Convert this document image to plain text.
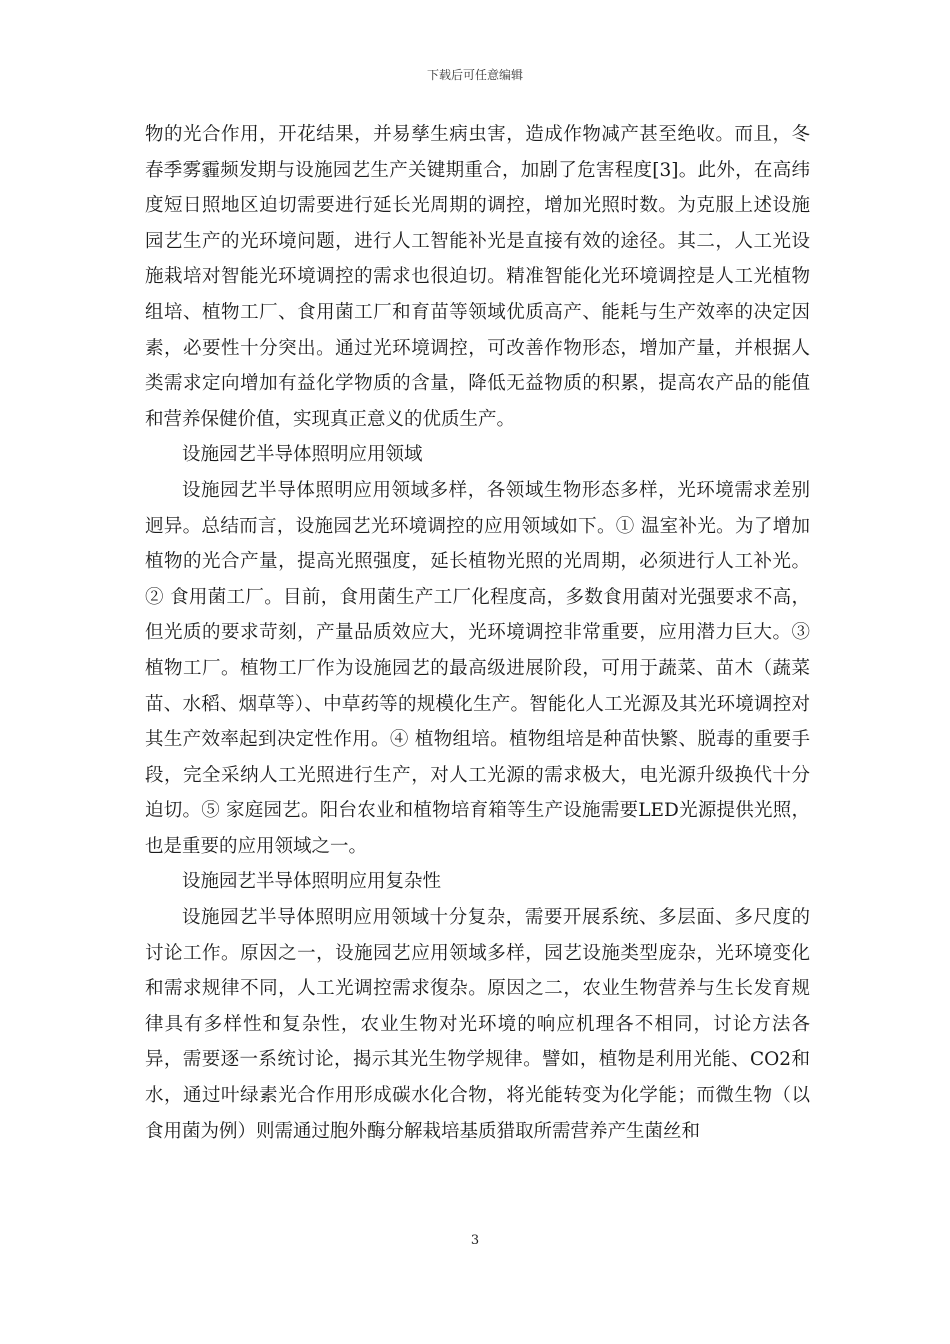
下载后可任意编辑

物的光合作用，开花结果，并易孳生病虫害，造成作物减产甚至绝收。而且，冬春季雾霾频发期与设施园艺生产关键期重合，加剧了危害程度[3]。此外，在高纬度短日照地区迫切需要进行延长光周期的调控，增加光照时数。为克服上述设施园艺生产的光环境问题，进行人工智能补光是直接有效的途径。其二，人工光设施栽培对智能光环境调控的需求也很迫切。精准智能化光环境调控是人工光植物组培、植物工厂、食用菌工厂和育苗等领域优质高产、能耗与生产效率的决定因素，必要性十分突出。通过光环境调控，可改善作物形态，增加产量，并根据人类需求定向增加有益化学物质的含量，降低无益物质的积累，提高农产品的能值和营养保健价值，实现真正意义的优质生产。

设施园艺半导体照明应用领域

设施园艺半导体照明应用领域多样，各领域生物形态多样，光环境需求差别迥异。总结而言，设施园艺光环境调控的应用领域如下。① 温室补光。为了增加植物的光合产量，提高光照强度，延长植物光照的光周期，必须进行人工补光。② 食用菌工厂。目前，食用菌生产工厂化程度高，多数食用菌对光强要求不高，但光质的要求苛刻，产量品质效应大，光环境调控非常重要，应用潜力巨大。③ 植物工厂。植物工厂作为设施园艺的最高级进展阶段，可用于蔬菜、苗木（蔬菜苗、水稻、烟草等）、中草药等的规模化生产。智能化人工光源及其光环境调控对其生产效率起到决定性作用。④ 植物组培。植物组培是种苗快繁、脱毒的重要手段，完全采纳人工光照进行生产，对人工光源的需求极大，电光源升级换代十分迫切。⑤ 家庭园艺。阳台农业和植物培育箱等生产设施需要LED光源提供光照，也是重要的应用领域之一。

设施园艺半导体照明应用复杂性

设施园艺半导体照明应用领域十分复杂，需要开展系统、多层面、多尺度的讨论工作。原因之一，设施园艺应用领域多样，园艺设施类型庞杂，光环境变化和需求规律不同，人工光调控需求復杂。原因之二，农业生物营养与生长发育规律具有多样性和复杂性，农业生物对光环境的响应机理各不相同，讨论方法各异，需要逐一系统讨论，揭示其光生物学规律。譬如，植物是利用光能、CO2和水，通过叶绿素光合作用形成碳水化合物，将光能转变为化学能；而微生物（以食用菌为例）则需通过胞外酶分解栽培基质猎取所需营养产生菌丝和

3
